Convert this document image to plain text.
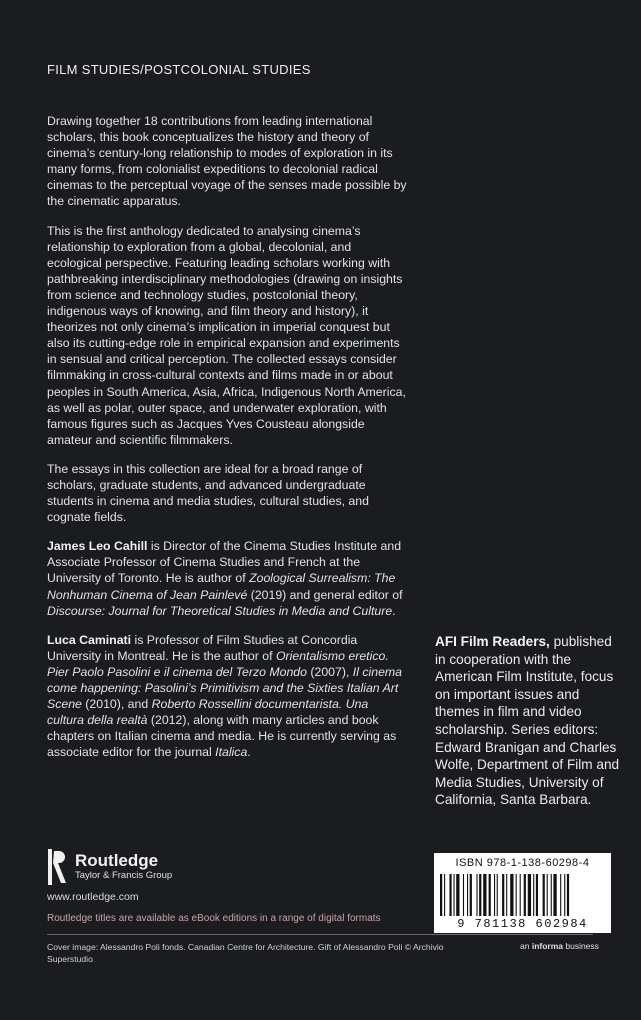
FILM STUDIES/POSTCOLONIAL STUDIES

Drawing together 18 contributions from leading international scholars, this book conceptualizes the history and theory of cinema’s century-long relationship to modes of exploration in its many forms, from colonialist expeditions to decolonial radical cinemas to the perceptual voyage of the senses made possible by the cinematic apparatus.

This is the first anthology dedicated to analysing cinema’s relationship to exploration from a global, decolonial, and ecological perspective. Featuring leading scholars working with pathbreaking interdisciplinary methodologies (drawing on insights from science and technology studies, postcolonial theory, indigenous ways of knowing, and film theory and history), it theorizes not only cinema’s implication in imperial conquest but also its cutting-edge role in empirical expansion and experiments in sensual and critical perception. The collected essays consider filmmaking in cross-cultural contexts and films made in or about peoples in South America, Asia, Africa, Indigenous North America, as well as polar, outer space, and underwater exploration, with famous figures such as Jacques Yves Cousteau alongside amateur and scientific filmmakers.

The essays in this collection are ideal for a broad range of scholars, graduate students, and advanced undergraduate students in cinema and media studies, cultural studies, and cognate fields.

James Leo Cahill is Director of the Cinema Studies Institute and Associate Professor of Cinema Studies and French at the University of Toronto. He is author of Zoological Surrealism: The Nonhuman Cinema of Jean Painlevé (2019) and general editor of Discourse: Journal for Theoretical Studies in Media and Culture.

Luca Caminati is Professor of Film Studies at Concordia University in Montreal. He is the author of Orientalismo eretico. Pier Paolo Pasolini e il cinema del Terzo Mondo (2007), Il cinema come happening: Pasolini’s Primitivism and the Sixties Italian Art Scene (2010), and Roberto Rossellini documentarista. Una cultura della realtà (2012), along with many articles and book chapters on Italian cinema and media. He is currently serving as associate editor for the journal Italica.

AFI Film Readers, published in cooperation with the American Film Institute, focus on important issues and themes in film and video scholarship. Series editors: Edward Branigan and Charles Wolfe, Department of Film and Media Studies, University of California, Santa Barbara.
Routledge
Taylor & Francis Group
www.routledge.com
Routledge titles are available as eBook editions in a range of digital formats
Cover image: Alessandro Poli fonds. Canadian Centre for Architecture. Gift of Alessandro Poli © Archivio Superstudio
ISBN 978-1-138-60298-4
9 781138 602984
an informa business
